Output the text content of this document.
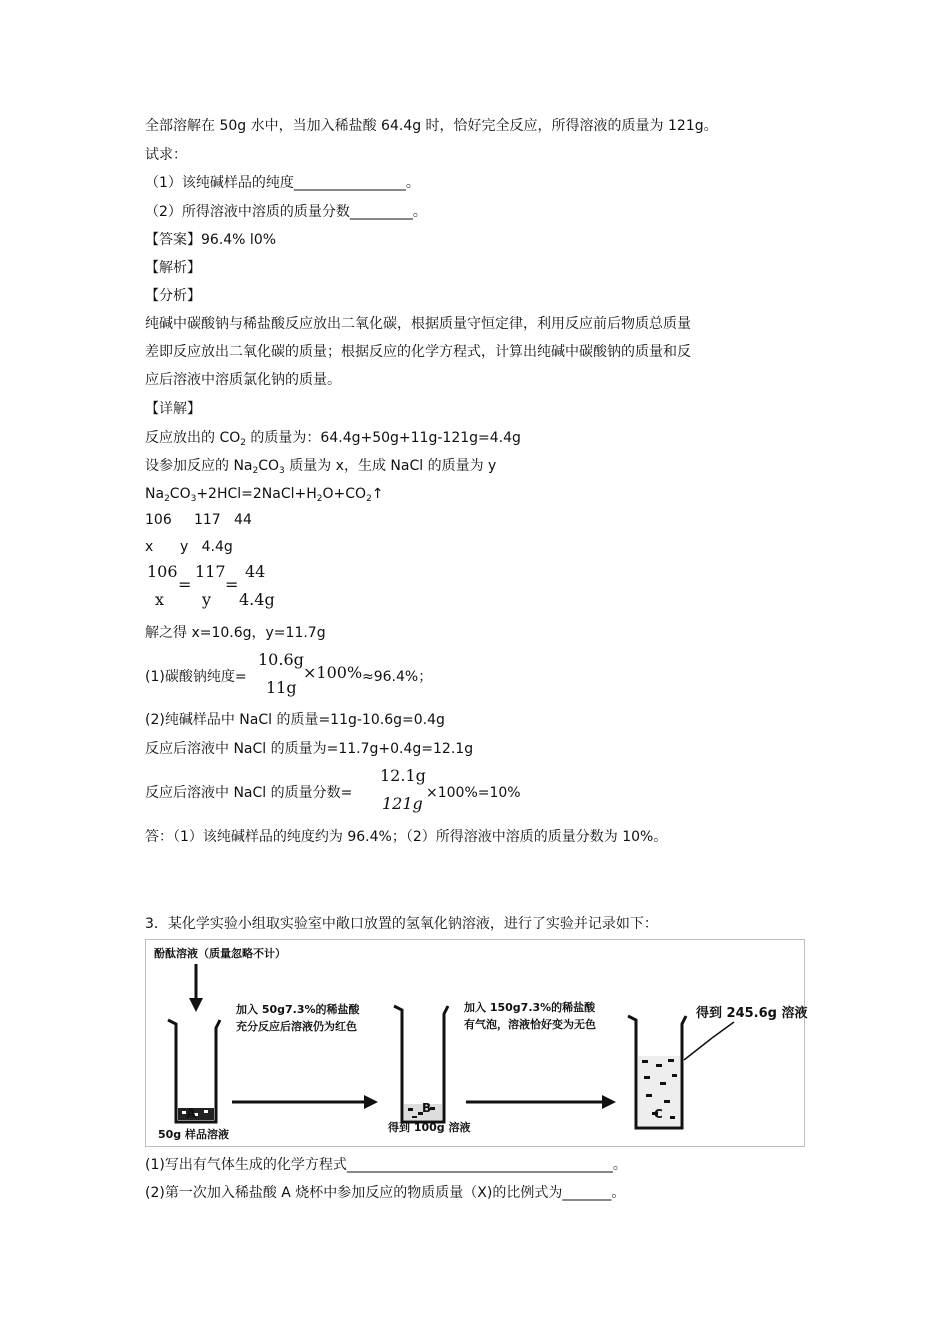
全部溶解在 50g 水中，当加入稀盐酸 64.4g 时，恰好完全反应，所得溶液的质量为 121g。
试求：
（1）该纯碱样品的纯度________________。
（2）所得溶液中溶质的质量分数_________。
【答案】96.4% l0%
【解析】
【分析】
纯碱中碳酸钠与稀盐酸反应放出二氧化碳，根据质量守恒定律，利用反应前后物质总质量
差即反应放出二氧化碳的质量；根据反应的化学方程式，计算出纯碱中碳酸钠的质量和反
应后溶液中溶质氯化钠的质量。
【详解】
反应放出的 $CO_2$ 的质量为：64.4g+50g+11g-121g=4.4g
设参加反应的 $Na_2CO_3$ 质量为 x，生成 NaCl 的质量为 y
$Na_2CO_3+2HCl=2NaCl+H_2O+CO_2↑$
106     117   44
x      y   4.4g
106
x
=
117
y
=
44
4.4g
解之得 x=10.6g，y=11.7g
(1)碳酸钠纯度=
10.6g
11g
×100% ≈96.4%；
(2)纯碱样品中 NaCl 的质量=11g-10.6g=0.4g
反应后溶液中 NaCl 的质量为=11.7g+0.4g=12.1g
反应后溶液中 NaCl 的质量分数=
12.1g
121g
×100%=10%
答：（1）该纯碱样品的纯度约为 96.4%；（2）所得溶液中溶质的质量分数为 10%。
3．某化学实验小组取实验室中敞口放置的氢氧化钠溶液，进行了实验并记录如下：
酚酞溶液（质量忽略不计）
加入 50g7.3%的稀盐酸
充分反应后溶液仍为红色
加入 150g7.3%的稀盐酸
有气泡，溶液恰好变为无色
得到 245.6g 溶液
A
50g 样品溶液
B
得到 100g 溶液
C
(1)写出有气体生成的化学方程式______________________________________。
(2)第一次加入稀盐酸 A 烧杯中参加反应的物质质量（X)的比例式为_______。
